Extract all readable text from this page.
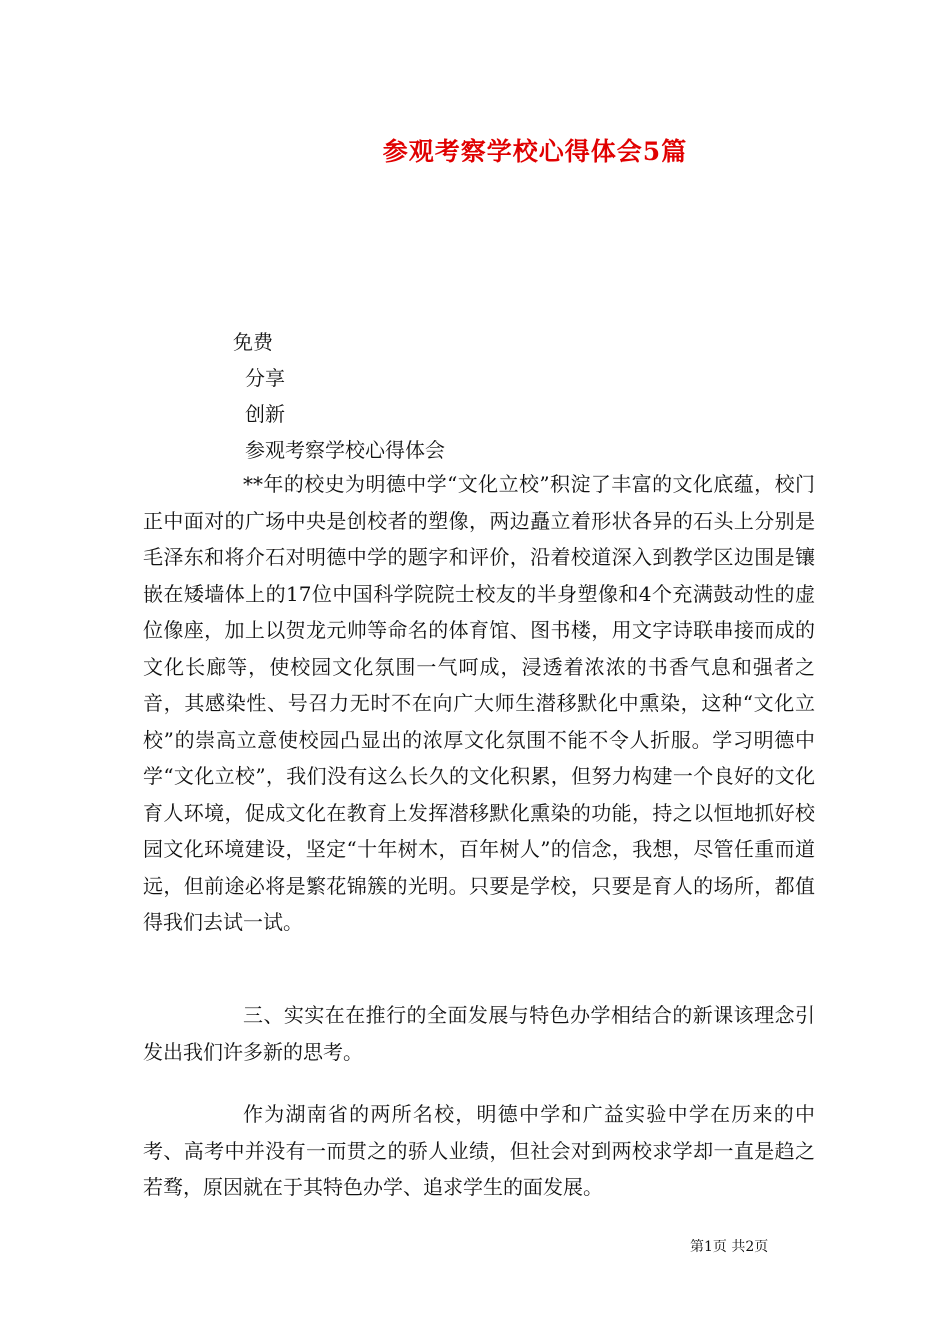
参观考察学校心得体会5篇
免费
分享
创新
参观考察学校心得体会

**年的校史为明德中学“文化立校”积淀了丰富的文化底蕴，校门正中面对的广场中央是创校者的塑像，两边矗立着形状各异的石头上分别是毛泽东和将介石对明德中学的题字和评价，沿着校道深入到教学区边围是镶嵌在矮墙体上的17位中国科学院院士校友的半身塑像和4个充满鼓动性的虚位像座，加上以贺龙元帅等命名的体育馆、图书楼，用文字诗联串接而成的文化长廊等，使校园文化氛围一气呵成，浸透着浓浓的书香气息和强者之音，其感染性、号召力无时不在向广大师生潜移默化中熏染，这种“文化立校”的崇高立意使校园凸显出的浓厚文化氛围不能不令人折服。学习明德中学“文化立校”，我们没有这么长久的文化积累，但努力构建一个良好的文化育人环境，促成文化在教育上发挥潜移默化熏染的功能，持之以恒地抓好校园文化环境建设，坚定“十年树木，百年树人”的信念，我想，尽管任重而道远，但前途必将是繁花锦簇的光明。只要是学校，只要是育人的场所，都值得我们去试一试。

三、实实在在推行的全面发展与特色办学相结合的新课该理念引发出我们许多新的思考。

作为湖南省的两所名校，明德中学和广益实验中学在历来的中考、高考中并没有一而贯之的骄人业绩，但社会对到两校求学却一直是趋之若骛，原因就在于其特色办学、追求学生的面发展。

第1页 共2页
